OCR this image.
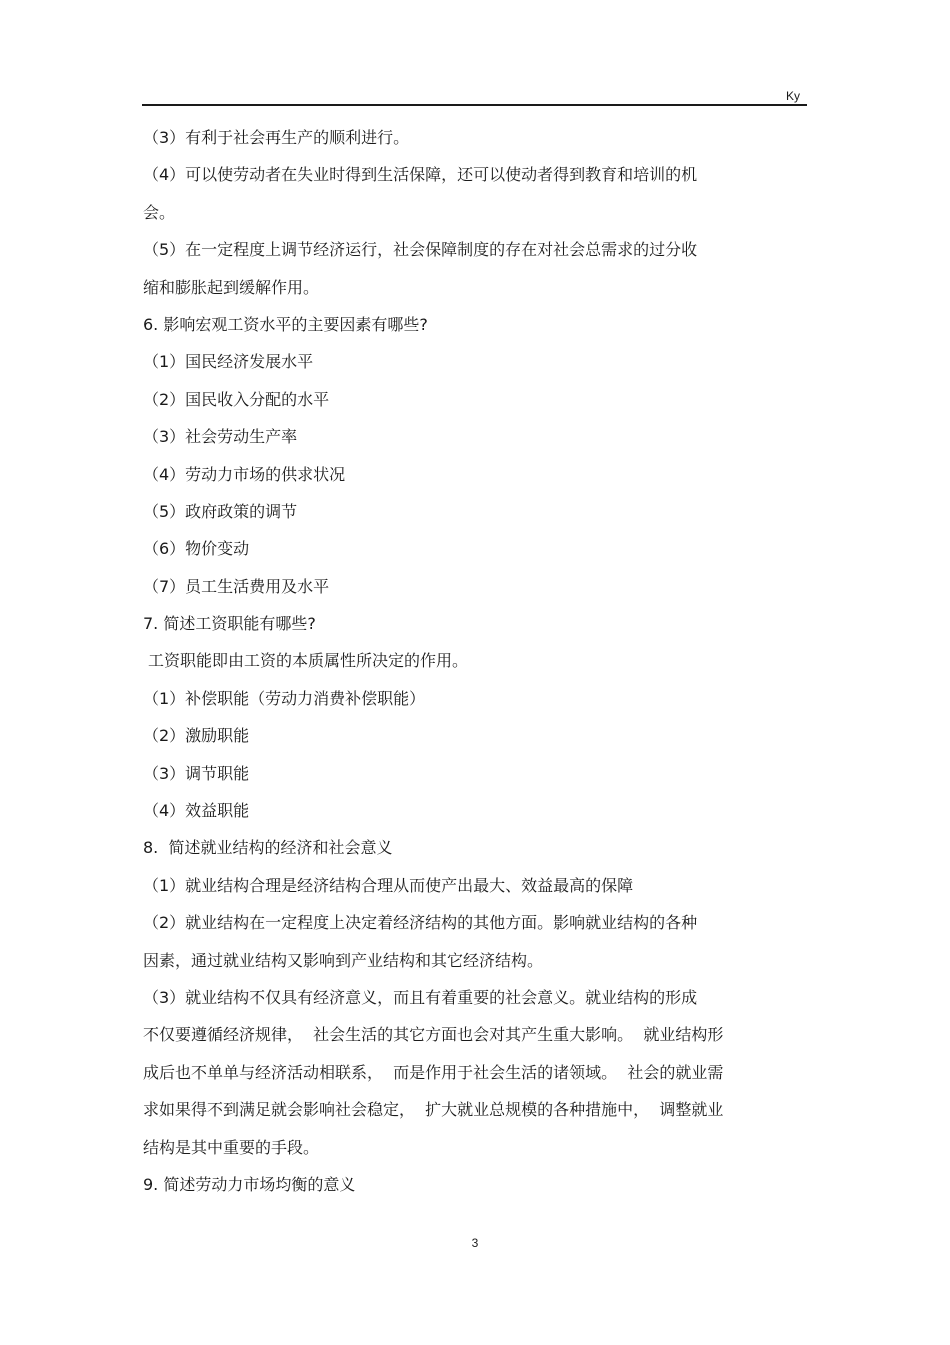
Ky
（3）有利于社会再生产的顺利进行。
（4）可以使劳动者在失业时得到生活保障，还可以使动者得到教育和培训的机
会。
（5）在一定程度上调节经济运行，社会保障制度的存在对社会总需求的过分收
缩和膨胀起到缓解作用。
6. 影响宏观工资水平的主要因素有哪些?
（1）国民经济发展水平
（2）国民收入分配的水平
（3）社会劳动生产率
（4）劳动力市场的供求状况
（5）政府政策的调节
（6）物价变动
（7）员工生活费用及水平
7. 简述工资职能有哪些?
工资职能即由工资的本质属性所决定的作用。
（1）补偿职能（劳动力消费补偿职能）
（2）激励职能
（3）调节职能
（4）效益职能
8.  简述就业结构的经济和社会意义
（1）就业结构合理是经济结构合理从而使产出最大、效益最高的保障
（2）就业结构在一定程度上决定着经济结构的其他方面。影响就业结构的各种
因素，通过就业结构又影响到产业结构和其它经济结构。
（3）就业结构不仅具有经济意义，而且有着重要的社会意义。就业结构的形成
不仅要遵循经济规律，  社会生活的其它方面也会对其产生重大影响。  就业结构形
成后也不单单与经济活动相联系，  而是作用于社会生活的诸领域。  社会的就业需
求如果得不到满足就会影响社会稳定，  扩大就业总规模的各种措施中，  调整就业
结构是其中重要的手段。
9. 简述劳动力市场均衡的意义
3
